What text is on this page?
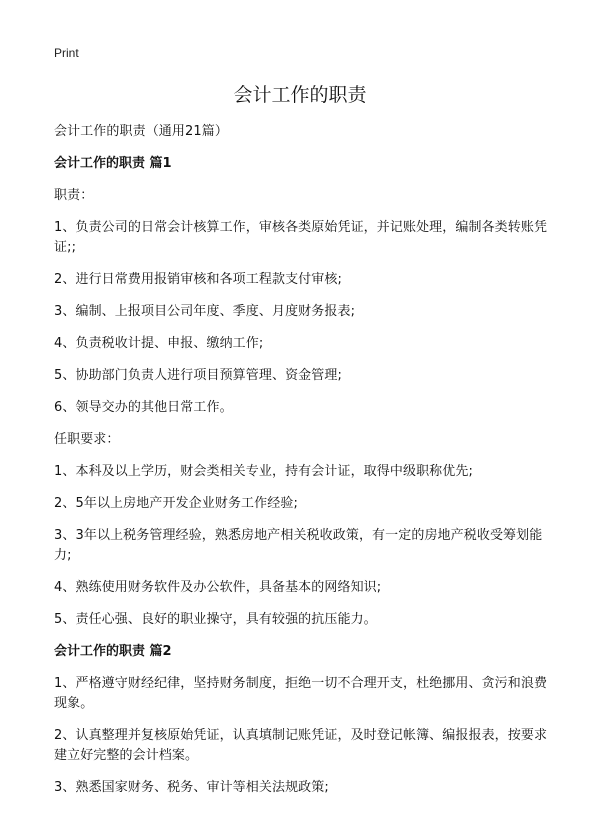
Print
会计工作的职责

会计工作的职责（通用21篇）

会计工作的职责 篇1

职责：

1、负责公司的日常会计核算工作，审核各类原始凭证，并记账处理，编制各类转账凭证;;

2、进行日常费用报销审核和各项工程款支付审核;

3、编制、上报项目公司年度、季度、月度财务报表;

4、负责税收计提、申报、缴纳工作;

5、协助部门负责人进行项目预算管理、资金管理;

6、领导交办的其他日常工作。

任职要求：

1、本科及以上学历，财会类相关专业，持有会计证，取得中级职称优先;

2、5年以上房地产开发企业财务工作经验;

3、3年以上税务管理经验，熟悉房地产相关税收政策，有一定的房地产税收受筹划能力;

4、熟练使用财务软件及办公软件，具备基本的网络知识;

5、责任心强、良好的职业操守，具有较强的抗压能力。

会计工作的职责 篇2

1、严格遵守财经纪律，坚持财务制度，拒绝一切不合理开支，杜绝挪用、贪污和浪费现象。

2、认真整理并复核原始凭证，认真填制记账凭证，及时登记帐簿、编报报表，按要求建立好完整的会计档案。

3、熟悉国家财务、税务、审计等相关法规政策;
